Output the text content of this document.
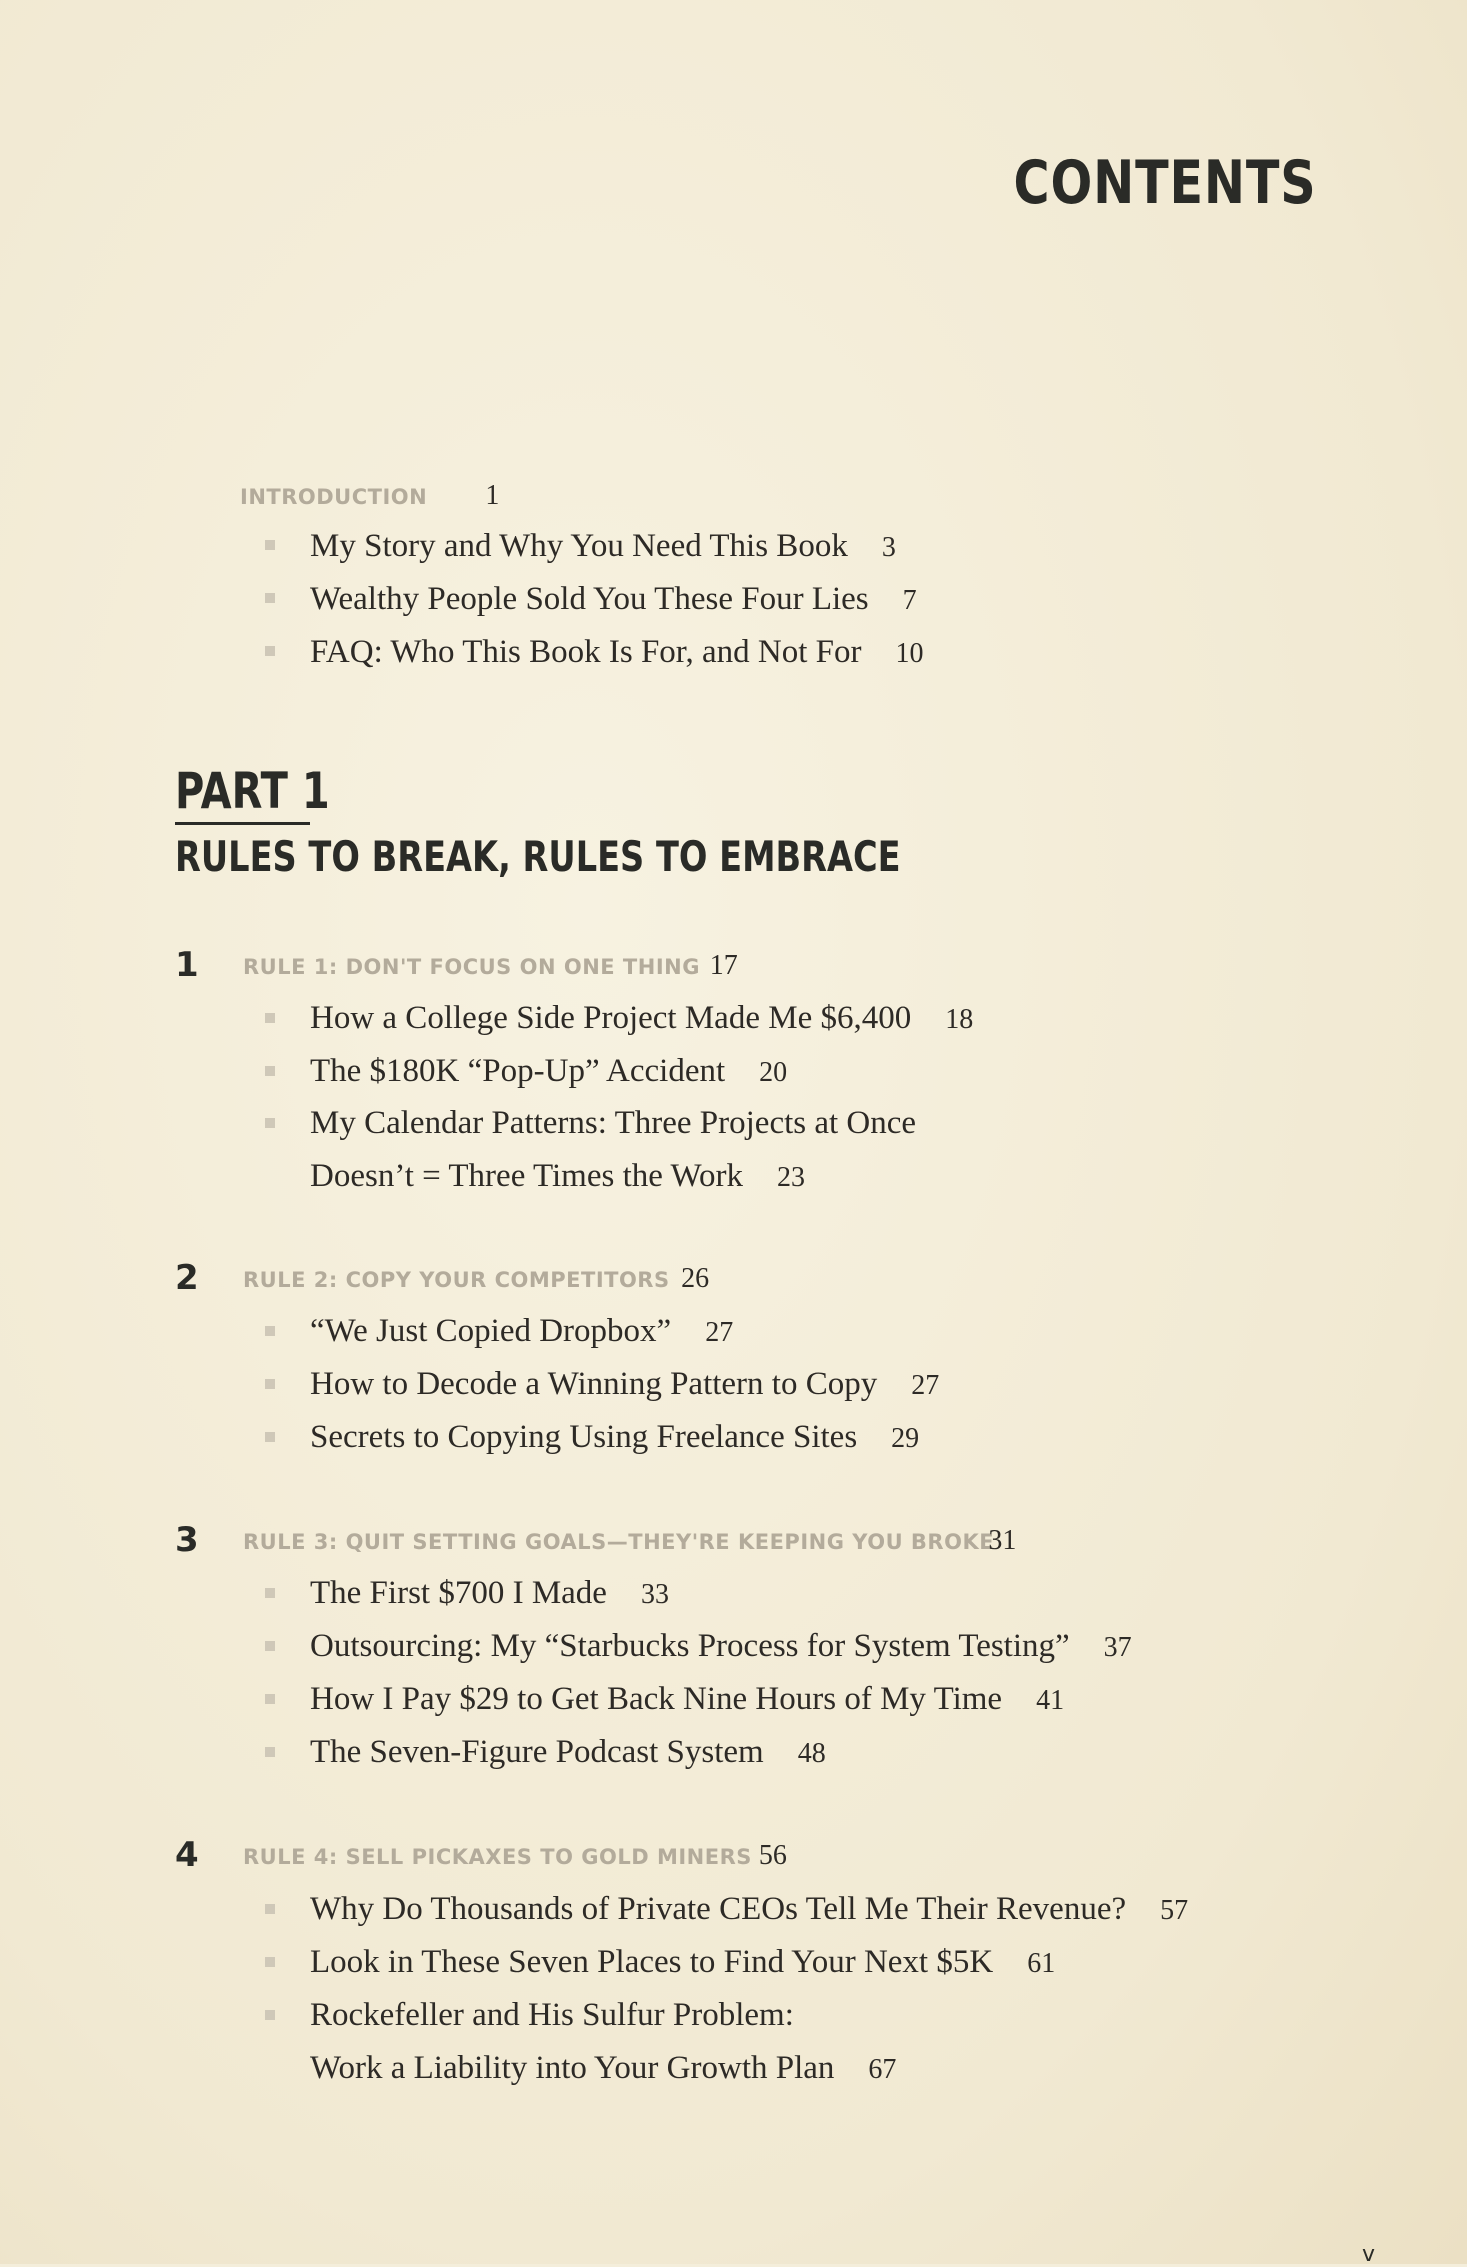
CONTENTS
INTRODUCTION 1
My Story and Why You Need This Book 3
Wealthy People Sold You These Four Lies 7
FAQ: Who This Book Is For, and Not For 10
PART 1
RULES TO BREAK, RULES TO EMBRACE
1 RULE 1: DON'T FOCUS ON ONE THING 17
How a College Side Project Made Me $6,400 18
The $180K “Pop-Up” Accident 20
My Calendar Patterns: Three Projects at Once
Doesn’t = Three Times the Work 23
2 RULE 2: COPY YOUR COMPETITORS 26
“We Just Copied Dropbox” 27
How to Decode a Winning Pattern to Copy 27
Secrets to Copying Using Freelance Sites 29
3 RULE 3: QUIT SETTING GOALS—THEY'RE KEEPING YOU BROKE31
The First $700 I Made 33
Outsourcing: My “Starbucks Process for System Testing” 37
How I Pay $29 to Get Back Nine Hours of My Time 41
The Seven-Figure Podcast System 48
4 RULE 4: SELL PICKAXES TO GOLD MINERS 56
Why Do Thousands of Private CEOs Tell Me Their Revenue? 57
Look in These Seven Places to Find Your Next $5K 61
Rockefeller and His Sulfur Problem:
Work a Liability into Your Growth Plan 67
v
